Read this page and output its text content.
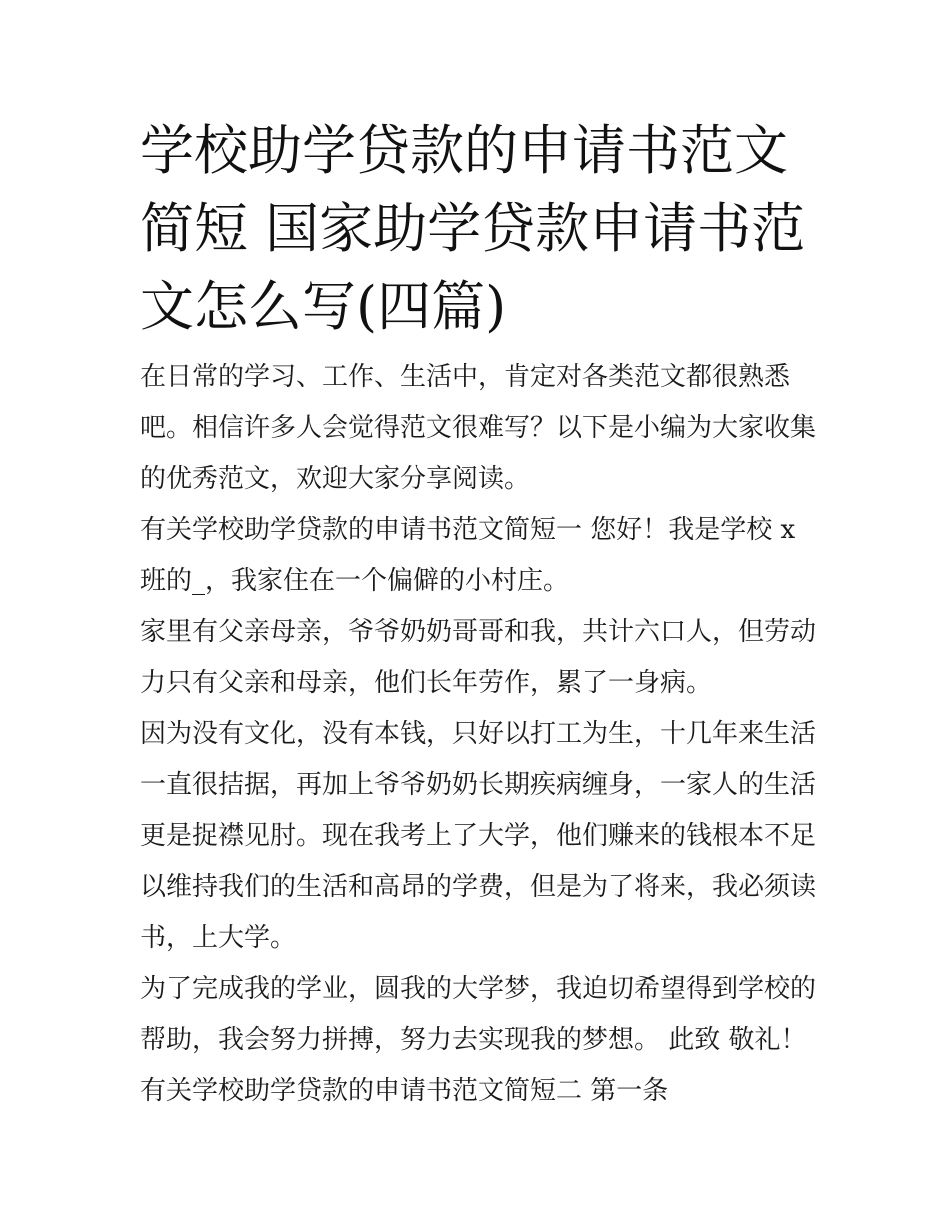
学校助学贷款的申请书范文简短 国家助学贷款申请书范文怎么写(四篇)

在日常的学习、工作、生活中，肯定对各类范文都很熟悉吧。相信许多人会觉得范文很难写？以下是小编为大家收集的优秀范文，欢迎大家分享阅读。

有关学校助学贷款的申请书范文简短一 您好！我是学校 x 班的_，我家住在一个偏僻的小村庄。

家里有父亲母亲，爷爷奶奶哥哥和我，共计六口人，但劳动力只有父亲和母亲，他们长年劳作，累了一身病。

因为没有文化，没有本钱，只好以打工为生，十几年来生活一直很拮据，再加上爷爷奶奶长期疾病缠身，一家人的生活更是捉襟见肘。现在我考上了大学，他们赚来的钱根本不足以维持我们的生活和高昂的学费，但是为了将来，我必须读书，上大学。

为了完成我的学业，圆我的大学梦，我迫切希望得到学校的帮助，我会努力拼搏，努力去实现我的梦想。 此致 敬礼！ 有关学校助学贷款的申请书范文简短二 第一条
